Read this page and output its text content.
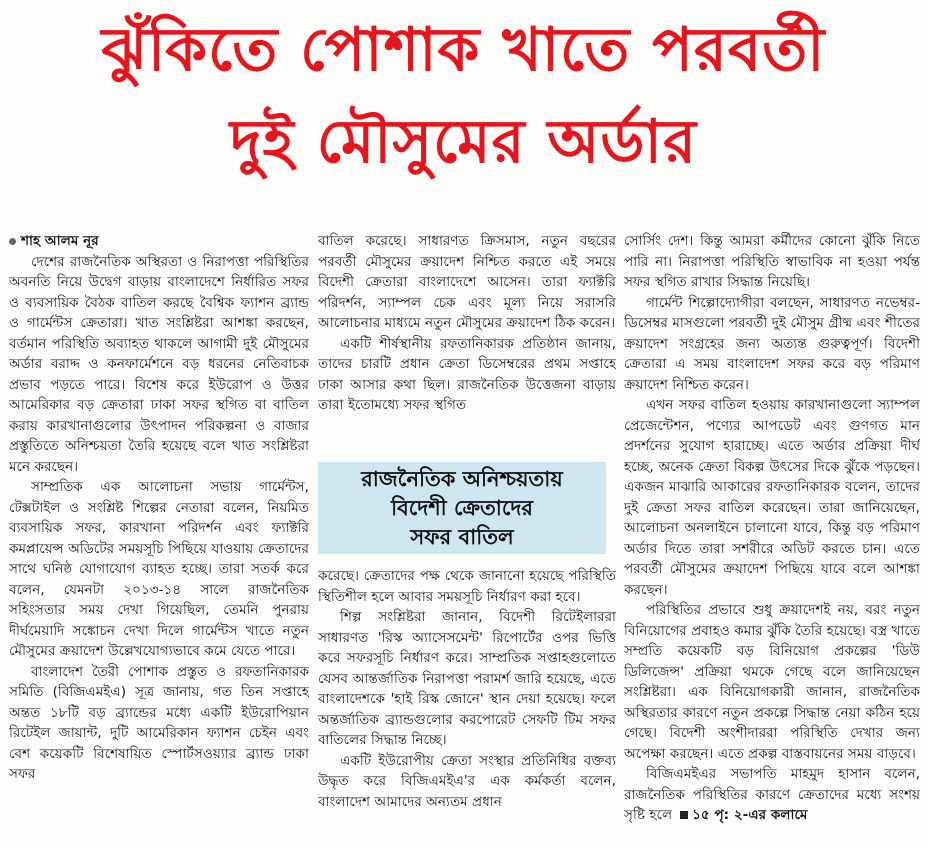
ঝুঁকিতে পোশাক খাতে পরবর্তী
দুই মৌসুমের অর্ডার

শাহ আলম নূর

দেশের রাজনৈতিক অস্থিরতা ও নিরাপত্তা পরিস্থিতির অবনতি নিয়ে উদ্বেগ বাড়ায় বাংলাদেশে নির্ধারিত সফর ও ব্যবসায়িক বৈঠক বাতিল করছে বৈশ্বিক ফ্যাশন ব্র্যান্ড ও গার্মেন্টস ক্রেতারা। খাত সংশ্লিষ্টরা আশঙ্কা করছেন, বর্তমান পরিস্থিতি অব্যাহত থাকলে আগামী দুই মৌসুমের অর্ডার বরাদ্দ ও কনফার্মেশনে বড় ধরনের নেতিবাচক প্রভাব পড়তে পারে। বিশেষ করে ইউরোপ ও উত্তর আমেরিকার বড় ক্রেতারা ঢাকা সফর স্থগিত বা বাতিল করায় কারখানাগুলোর উৎপাদন পরিকল্পনা ও বাজার প্রস্তুতিতে অনিশ্চয়তা তৈরি হয়েছে বলে খাত সংশ্লিষ্টরা মনে করছেন।

সাম্প্রতিক এক আলোচনা সভায় গার্মেন্টস, টেক্সটাইল ও সংশ্লিষ্ট শিল্পের নেতারা বলেন, নিয়মিত ব্যবসায়িক সফর, কারখানা পরিদর্শন এবং ফ্যাক্টরি কমপ্লায়েন্স অডিটের সময়সূচি পিছিয়ে যাওয়ায় ক্রেতাদের সাথে ঘনিষ্ঠ যোগাযোগ ব্যাহত হচ্ছে। তারা সতর্ক করে বলেন, যেমনটা ২০১৩-১৪ সালে রাজনৈতিক সহিংসতার সময় দেখা গিয়েছিল, তেমনি পুনরায় দীর্ঘমেয়াদি সঙ্কোচন দেখা দিলে গার্মেন্টস খাতে নতুন মৌসুমের ক্রয়াদেশ উল্লেখযোগ্যভাবে কমে যেতে পারে।

বাংলাদেশ তৈরী পোশাক প্রস্তুত ও রফতানিকারক সমিতি (বিজিএমইএ) সূত্র জানায়, গত তিন সপ্তাহে অন্তত ১৮টি বড় ব্র্যান্ডের মধ্যে একটি ইউরোপিয়ান রিটেইল জায়ান্ট, দুটি আমেরিকান ফ্যাশন চেইন এবং বেশ কয়েকটি বিশেষায়িত স্পোর্টসওয়্যার ব্র্যান্ড ঢাকা সফর

বাতিল করেছে। সাধারণত ক্রিসমাস, নতুন বছরের পরবর্তী মৌসুমের ক্রয়াদেশ নিশ্চিত করতে এই সময়ে বিদেশী ক্রেতারা বাংলাদেশে আসেন। তারা ফ্যাক্টরি পরিদর্শন, স্যাম্পল চেক এবং মূল্য নিয়ে সরাসরি আলোচনার মাধ্যমে নতুন মৌসুমের ক্রয়াদেশ ঠিক করেন।

একটি শীর্ষস্থানীয় রফতানিকারক প্রতিষ্ঠান জানায়, তাদের চারটি প্রধান ক্রেতা ডিসেম্বরের প্রথম সপ্তাহে ঢাকা আসার কথা ছিল। রাজনৈতিক উত্তেজনা বাড়ায় তারা ইতোমধ্যে সফর স্থগিত

রাজনৈতিক অনিশ্চয়তায়
বিদেশী ক্রেতাদের
সফর বাতিল

করেছে। ক্রেতাদের পক্ষ থেকে জানানো হয়েছে পরিস্থিতি স্থিতিশীল হলে আবার সময়সূচি নির্ধারণ করা হবে।

শিল্প সংশ্লিষ্টরা জানান, বিদেশী রিটেইলাররা সাধারণত 'রিস্ক অ্যাসেসমেন্ট' রিপোর্টের ওপর ভিত্তি করে সফরসূচি নির্ধারণ করে। সাম্প্রতিক সপ্তাহগুলোতে যেসব আন্তর্জাতিক নিরাপত্তা পরামর্শ জারি হয়েছে, এতে বাংলাদেশকে 'হাই রিস্ক জোনে' স্থান দেয়া হয়েছে। ফলে অন্তর্জাতিক ব্র্যান্ডগুলোর করপোরেট সেফটি টিম সফর বাতিলের সিদ্ধান্ত নিচ্ছে।

একটি ইউরোপীয় ক্রেতা সংস্থার প্রতিনিধির বক্তব্য উদ্ধৃত করে বিজিএমইএ'র এক কর্মকর্তা বলেন, বাংলাদেশ আমাদের অন্যতম প্রধান

সোর্সিং দেশ। কিন্তু আমরা কর্মীদের কোনো ঝুঁকি নিতে পারি না। নিরাপত্তা পরিস্থিতি স্বাভাবিক না হওয়া পর্যন্ত সফর স্থগিত রাখার সিদ্ধান্ত নিয়েছি।

গার্মেন্ট শিল্পোদ্যোগীরা বলছেন, সাধারণত নভেম্বর-ডিসেম্বর মাসগুলো পরবর্তী দুই মৌসুম গ্রীষ্ম এবং শীতের ক্রয়াদেশ সংগ্রহের জন্য অত্যন্ত গুরুত্বপূর্ণ। বিদেশী ক্রেতারা এ সময় বাংলাদেশ সফর করে বড় পরিমাণ ক্রয়াদেশ নিশ্চিত করেন।

এখন সফর বাতিল হওয়ায় কারখানাগুলো স্যাম্পল প্রেজেন্টেশন, পণ্যের আপডেট এবং গুণগত মান প্রদর্শনের সুযোগ হারাচ্ছে। এতে অর্ডার প্রক্রিয়া দীর্ঘ হচ্ছে, অনেক ক্রেতা বিকল্প উৎসের দিকে ঝুঁকে পড়ছেন। একজন মাঝারি আকারের রফতানিকারক বলেন, তাদের দুই ক্রেতা সফর বাতিল করেছেন। তারা জানিয়েছেন, আলোচনা অনলাইনে চালানো যাবে, কিন্তু বড় পরিমাণ অর্ডার দিতে তারা সশরীরে অডিট করতে চান। এতে পরবর্তী মৌসুমের ক্রয়াদেশ পিছিয়ে যাবে বলে আশঙ্কা করছেন।

পরিস্থিতির প্রভাবে শুধু ক্রয়াদেশই নয়, বরং নতুন বিনিয়োগের প্রবাহও কমার ঝুঁকি তৈরি হয়েছে। বস্ত্র খাতে সম্প্রতি কয়েকটি বড় বিনিয়োগ প্রকল্পের 'ডিউ ডিলিজেন্স' প্রক্রিয়া থমকে গেছে বলে জানিয়েছেন সংশ্লিষ্টরা। এক বিনিয়োগকারী জানান, রাজনৈতিক অস্থিরতার কারণে নতুন প্রকল্পে সিদ্ধান্ত নেয়া কঠিন হয়ে গেছে। বিদেশী অংশীদাররা পরিস্থিতি দেখার জন্য অপেক্ষা করছেন। এতে প্রকল্প বাস্তবায়নের সময় বাড়বে।

বিজিএমইএর সভাপতি মাহমুদ হাসান বলেন, রাজনৈতিক পরিস্থিতির কারণে ক্রেতাদের মধ্যে সংশয় সৃষ্টি হলে ১৫ পৃ: ২-এর কলামে
